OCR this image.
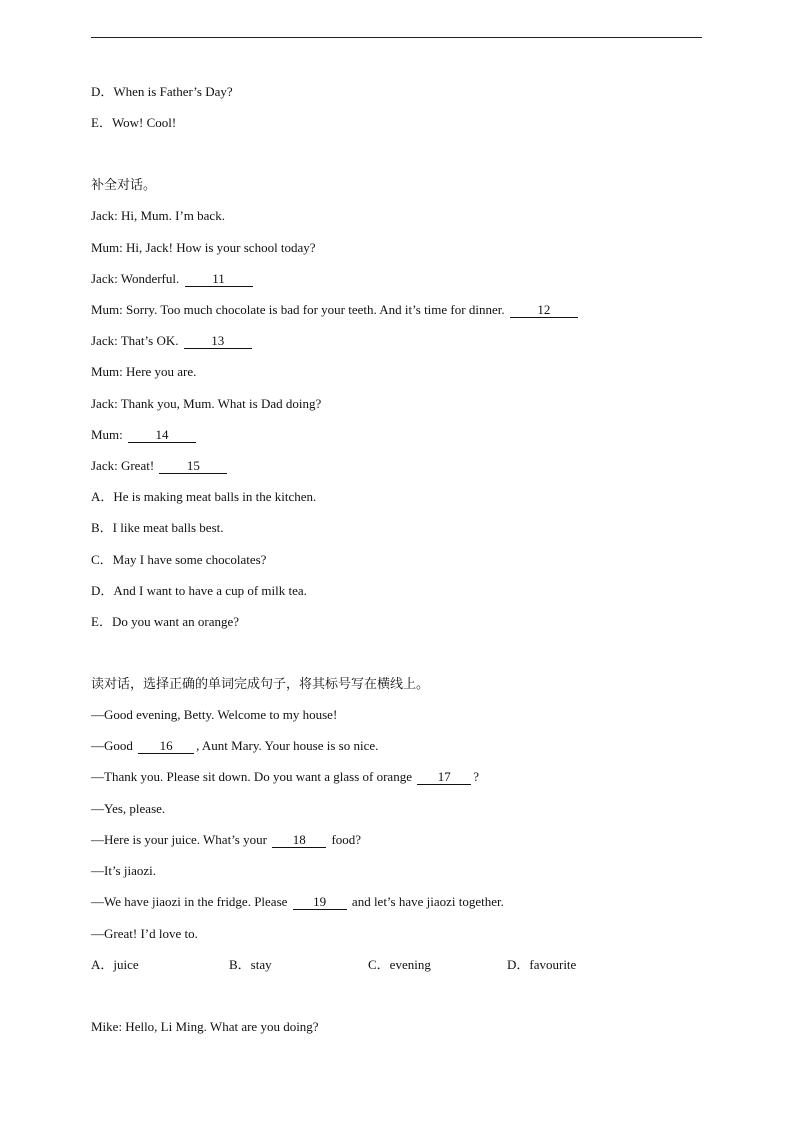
D．When is Father’s Day?
E．Wow! Cool!
补全对话。
Jack: Hi, Mum. I’m back.
Mum: Hi, Jack! How is your school today?
Jack: Wonderful.	11
Mum: Sorry. Too much chocolate is bad for your teeth. And it’s time for dinner.	12
Jack: That’s OK.	13
Mum: Here you are.
Jack: Thank you, Mum. What is Dad doing?
Mum:	14
Jack: Great!	15
A．He is making meat balls in the kitchen.
B．I like meat balls best.
C．May I have some chocolates?
D．And I want to have a cup of milk tea.
E．Do you want an orange?
读对话，选择正确的单词完成句子，将其标号写在横线上。
—Good evening, Betty. Welcome to my house!
—Good 16 , Aunt Mary. Your house is so nice.
—Thank you. Please sit down. Do you want a glass of orange 17 ?
—Yes, please.
—Here is your juice. What’s your 18 food?
—It’s jiaozi.
—We have jiaozi in the fridge. Please 19 and let’s have jiaozi together.
—Great! I’d love to.
A．juice	B．stay	C．evening	D．favourite
Mike: Hello, Li Ming. What are you doing?
